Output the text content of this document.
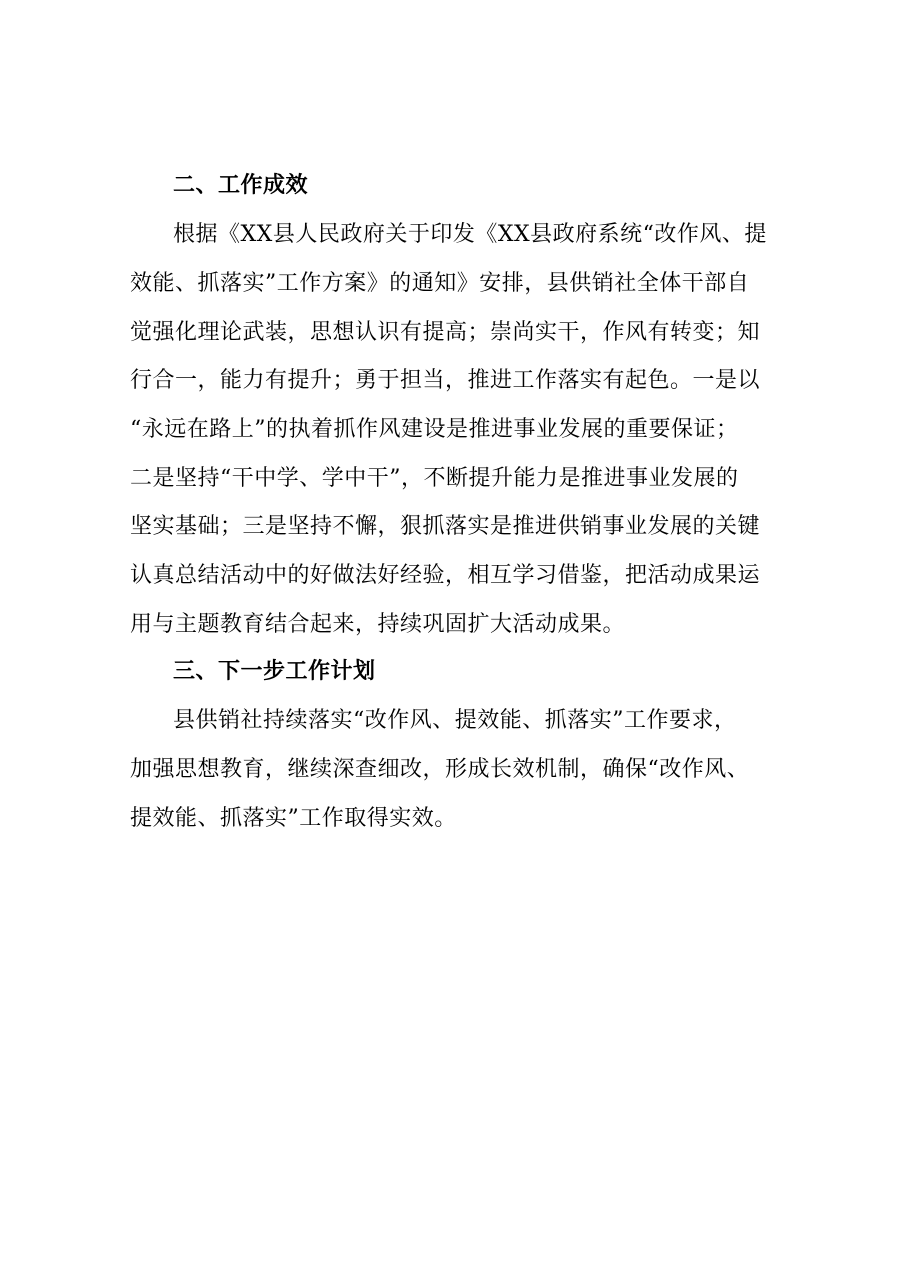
二、工作成效
根据《XX县人民政府关于印发《XX县政府系统“改作风、提
效能、抓落实”工作方案》的通知》安排，县供销社全体干部自
觉强化理论武装，思想认识有提高；崇尚实干，作风有转变；知
行合一，能力有提升；勇于担当，推进工作落实有起色。一是以
“永远在路上”的执着抓作风建设是推进事业发展的重要保证；
二是坚持“干中学、学中干”，不断提升能力是推进事业发展的
坚实基础；三是坚持不懈，狠抓落实是推进供销事业发展的关键
认真总结活动中的好做法好经验，相互学习借鉴，把活动成果运
用与主题教育结合起来，持续巩固扩大活动成果。
三、下一步工作计划
县供销社持续落实“改作风、提效能、抓落实”工作要求，
加强思想教育，继续深查细改，形成长效机制，确保“改作风、
提效能、抓落实”工作取得实效。
